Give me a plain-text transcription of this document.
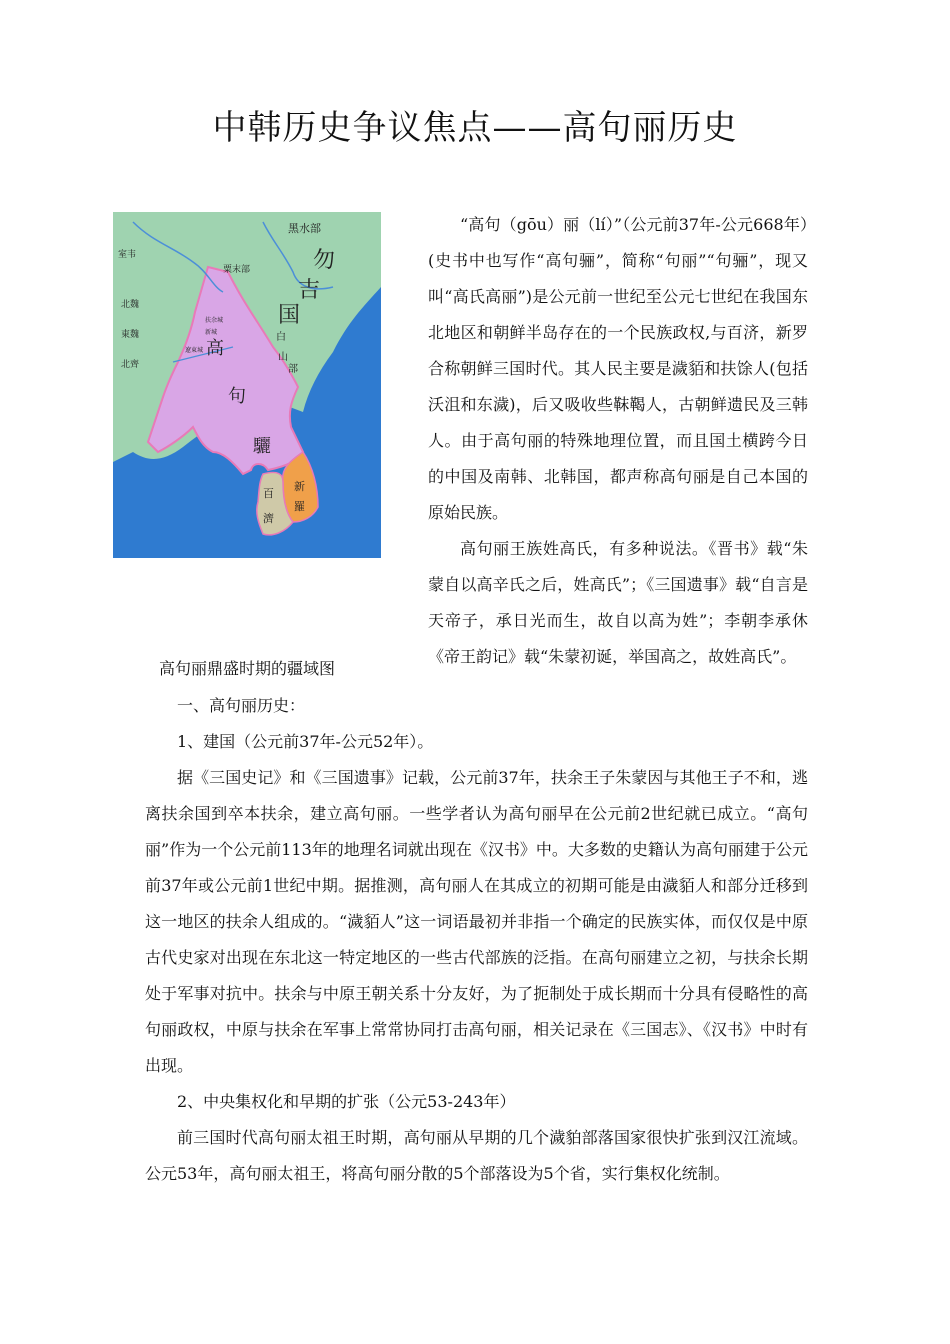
中韩历史争议焦点——高句丽历史
黑水部
室韦
粟末部	勿
吉
国
白
山
部
北魏
東魏
北齊
扶余城
新城
遼東城 高
句
驪
百
濟
新
羅
高句丽鼎盛时期的疆域图

“高句（gōu）丽（lí）”（公元前37年-公元668年）(史书中也写作“高句骊”，简称“句丽”“句骊”，现又叫“高氏高丽”)是公元前一世纪至公元七世纪在我国东北地区和朝鲜半岛存在的一个民族政权,与百济，新罗合称朝鲜三国时代。其人民主要是濊貊和扶馀人(包括沃沮和东濊)，后又吸收些靺鞨人，古朝鲜遗民及三韩人。由于高句丽的特殊地理位置，而且国土横跨今日的中国及南韩、北韩国，都声称高句丽是自己本国的原始民族。

高句丽王族姓高氏，有多种说法。《晋书》载“朱蒙自以高辛氏之后，姓高氏”；《三国遗事》载“自言是天帝子，承日光而生，故自以高为姓”；李朝李承休《帝王韵记》载“朱蒙初诞，举国高之，故姓高氏”。

一、高句丽历史：

1、建国（公元前37年-公元52年）。

据《三国史记》和《三国遗事》记载，公元前37年，扶余王子朱蒙因与其他王子不和，逃离扶余国到卒本扶余，建立高句丽。一些学者认为高句丽早在公元前2世纪就已成立。“高句丽”作为一个公元前113年的地理名词就出现在《汉书》中。大多数的史籍认为高句丽建于公元前37年或公元前1世纪中期。据推测，高句丽人在其成立的初期可能是由濊貊人和部分迁移到这一地区的扶余人组成的。“濊貊人”这一词语最初并非指一个确定的民族实体，而仅仅是中原古代史家对出现在东北这一特定地区的一些古代部族的泛指。在高句丽建立之初，与扶余长期处于军事对抗中。扶余与中原王朝关系十分友好，为了扼制处于成长期而十分具有侵略性的高句丽政权，中原与扶余在军事上常常协同打击高句丽，相关记录在《三国志》、《汉书》中时有出现。

2、中央集权化和早期的扩张（公元53-243年）

前三国时代高句丽太祖王时期，高句丽从早期的几个濊貃部落国家很快扩张到汉江流域。公元53年，高句丽太祖王，将高句丽分散的5个部落设为5个省，实行集权化统制。
